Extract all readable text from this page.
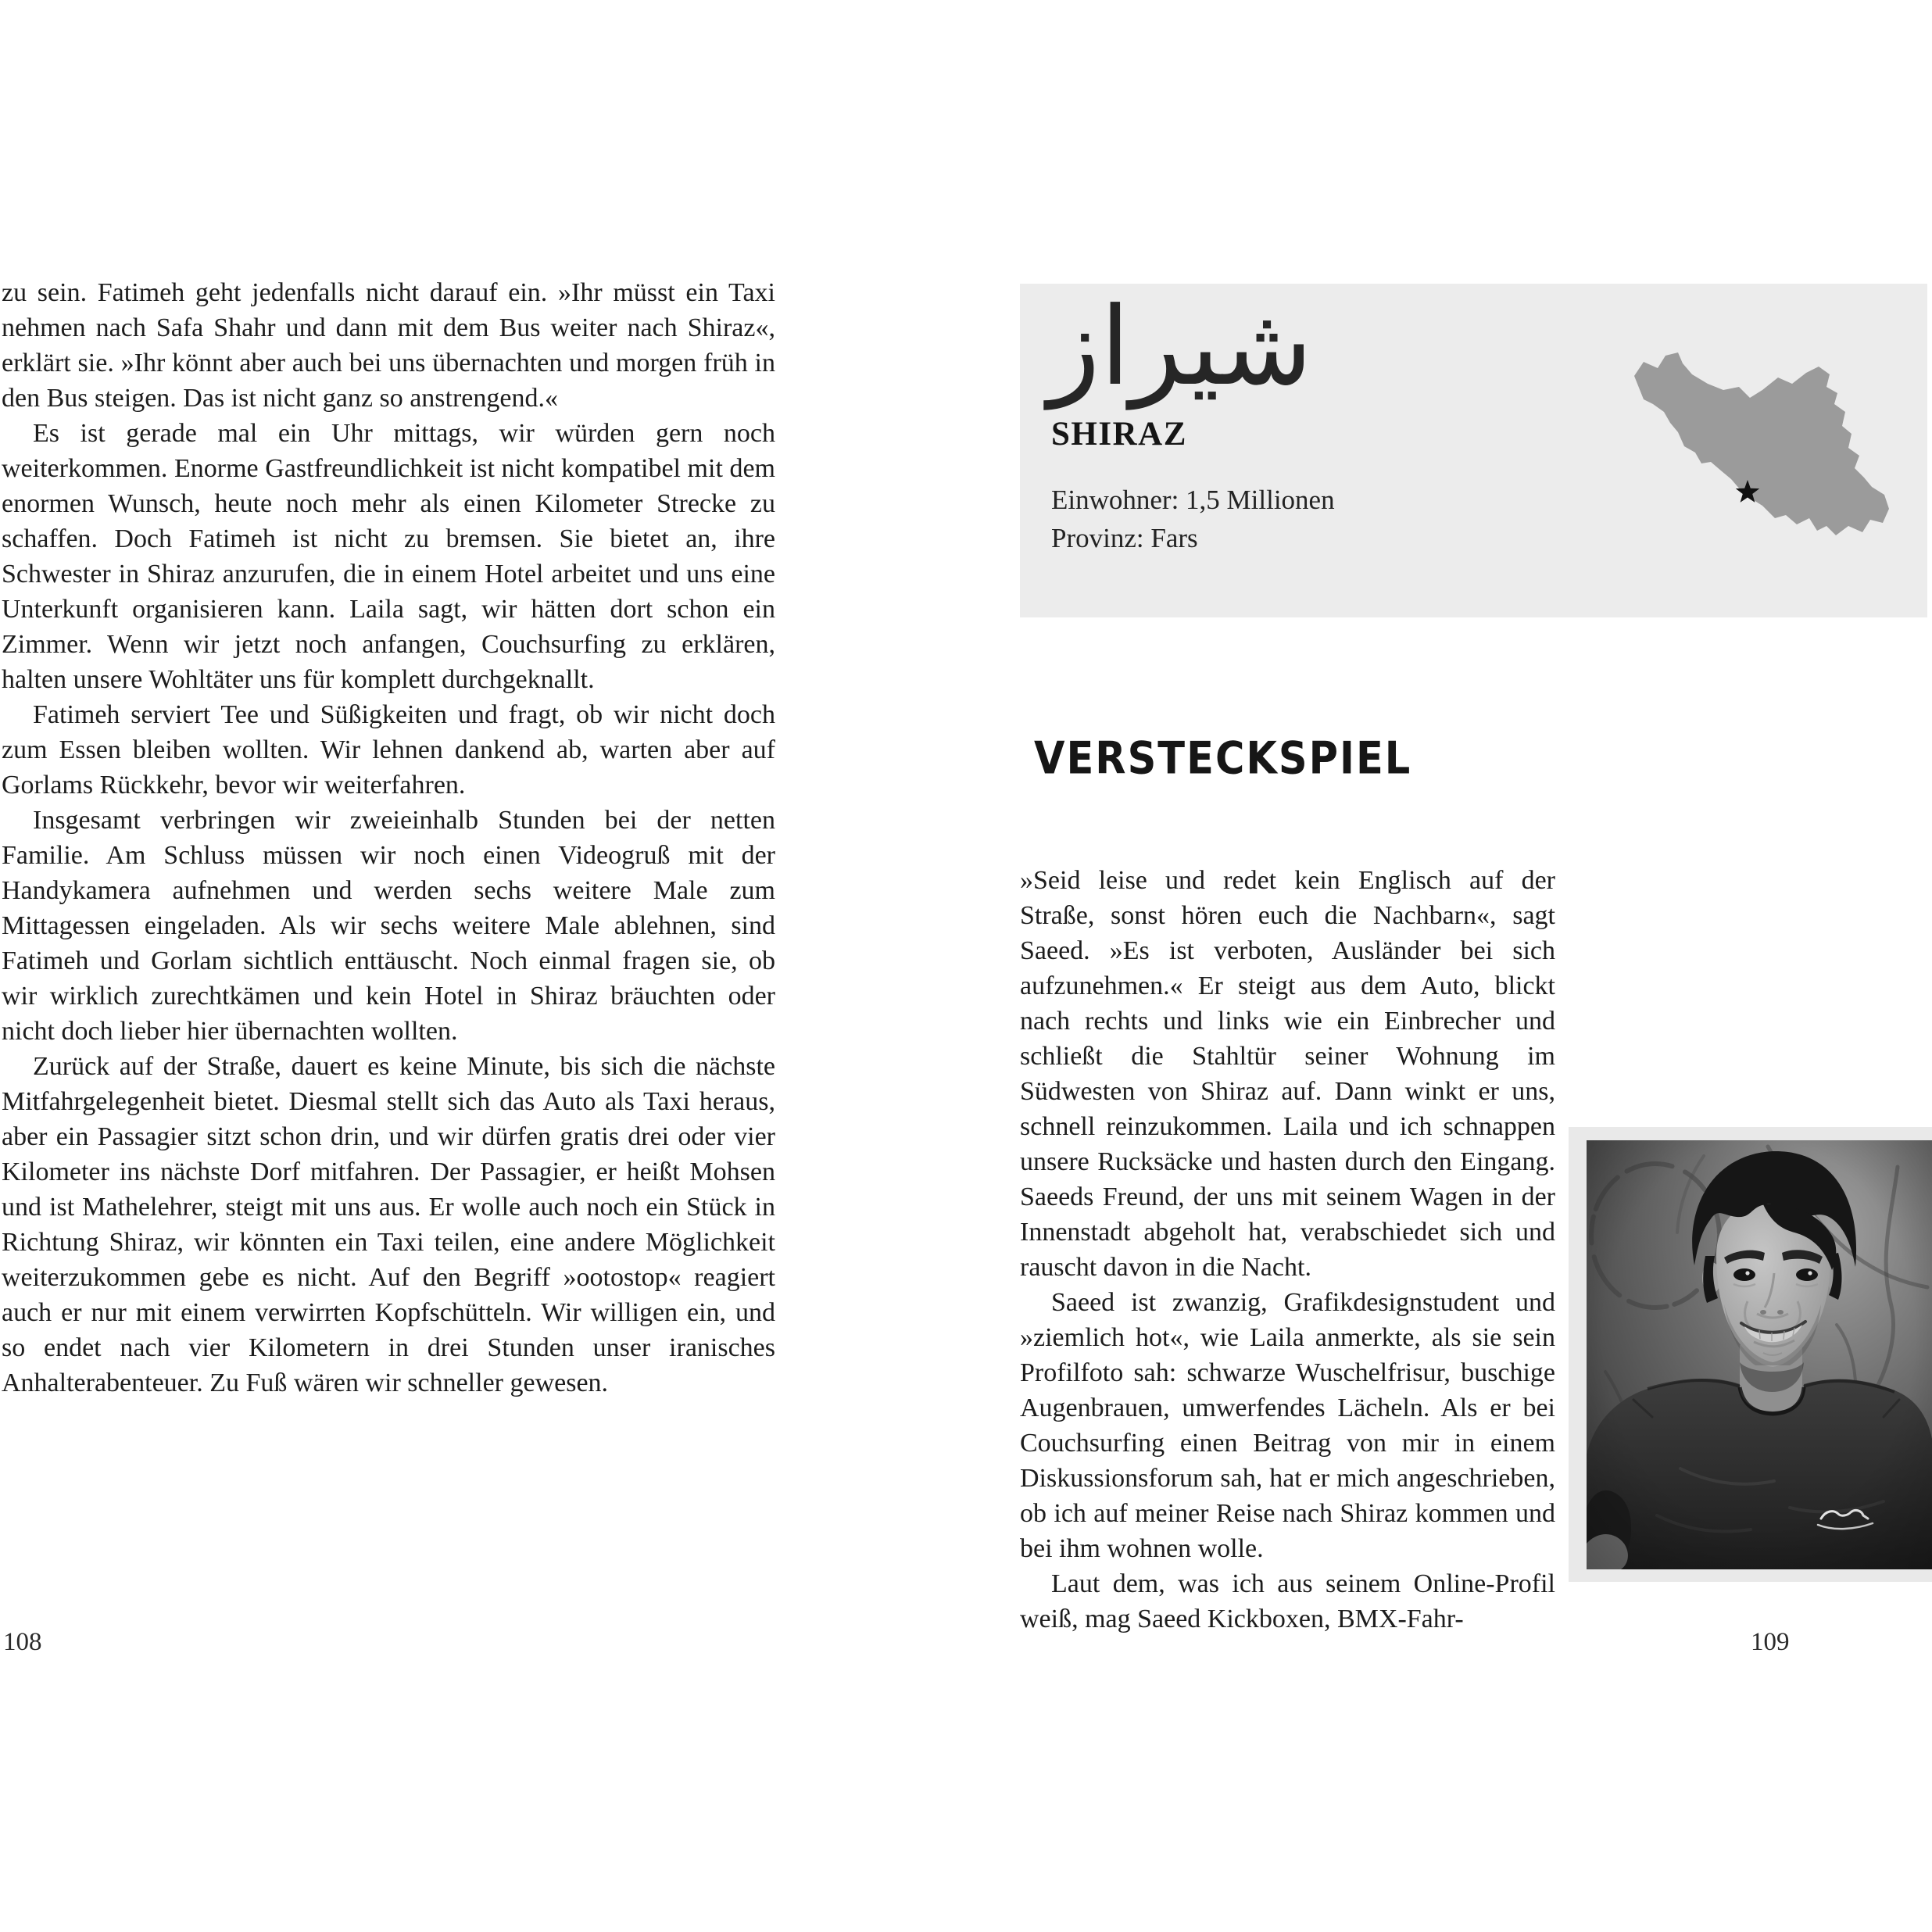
zu sein. Fatimeh geht jedenfalls nicht darauf ein. »Ihr müsst ein Taxi nehmen nach Safa Shahr und dann mit dem Bus weiter nach Shiraz«, erklärt sie. »Ihr könnt aber auch bei uns übernachten und morgen früh in den Bus steigen. Das ist nicht ganz so anstrengend.«

Es ist gerade mal ein Uhr mittags, wir würden gern noch weiterkommen. Enorme Gastfreundlichkeit ist nicht kompatibel mit dem enormen Wunsch, heute noch mehr als einen Kilometer Strecke zu schaffen. Doch Fatimeh ist nicht zu bremsen. Sie bietet an, ihre Schwester in Shiraz anzurufen, die in einem Hotel arbeitet und uns eine Unterkunft organisieren kann. Laila sagt, wir hätten dort schon ein Zimmer. Wenn wir jetzt noch anfangen, Couchsurfing zu erklären, halten unsere Wohltäter uns für komplett durchgeknallt.

Fatimeh serviert Tee und Süßigkeiten und fragt, ob wir nicht doch zum Essen bleiben wollten. Wir lehnen dankend ab, warten aber auf Gorlams Rückkehr, bevor wir weiterfahren.

Insgesamt verbringen wir zweieinhalb Stunden bei der netten Familie. Am Schluss müssen wir noch einen Videogruß mit der Handykamera aufnehmen und werden sechs weitere Male zum Mittagessen eingeladen. Als wir sechs weitere Male ablehnen, sind Fatimeh und Gorlam sichtlich enttäuscht. Noch einmal fragen sie, ob wir wirklich zurechtkämen und kein Hotel in Shiraz bräuchten oder nicht doch lieber hier übernachten wollten.

Zurück auf der Straße, dauert es keine Minute, bis sich die nächste Mitfahrgelegenheit bietet. Diesmal stellt sich das Auto als Taxi heraus, aber ein Passagier sitzt schon drin, und wir dürfen gratis drei oder vier Kilometer ins nächste Dorf mitfahren. Der Passagier, er heißt Mohsen und ist Mathelehrer, steigt mit uns aus. Er wolle auch noch ein Stück in Richtung Shiraz, wir könnten ein Taxi teilen, eine andere Möglichkeit weiterzukommen gebe es nicht. Auf den Begriff »ootostop« reagiert auch er nur mit einem verwirrten Kopfschütteln. Wir willigen ein, und so endet nach vier Kilometern in drei Stunden unser iranisches Anhalterabenteuer. Zu Fuß wären wir schneller gewesen.

108
شيراز
SHIRAZ
Einwohner: 1,5 Millionen
Provinz: Fars
VERSTECKSPIEL

»Seid leise und redet kein Englisch auf der Straße, sonst hören euch die Nachbarn«, sagt Saeed. »Es ist verboten, Ausländer bei sich aufzunehmen.« Er steigt aus dem Auto, blickt nach rechts und links wie ein Einbrecher und schließt die Stahltür seiner Wohnung im Südwesten von Shiraz auf. Dann winkt er uns, schnell reinzukommen. Laila und ich schnappen unsere Rucksäcke und hasten durch den Eingang. Saeeds Freund, der uns mit seinem Wagen in der Innenstadt abgeholt hat, verabschiedet sich und rauscht davon in die Nacht.

Saeed ist zwanzig, Grafikdesignstudent und »ziemlich hot«, wie Laila anmerkte, als sie sein Profilfoto sah: schwarze Wuschelfrisur, buschige Augenbrauen, umwerfendes Lächeln. Als er bei Couchsurfing einen Beitrag von mir in einem Diskussionsforum sah, hat er mich angeschrieben, ob ich auf meiner Reise nach Shiraz kommen und bei ihm wohnen wolle.

Laut dem, was ich aus seinem Online-Profil weiß, mag Saeed Kickboxen, BMX-Fahr-

109
